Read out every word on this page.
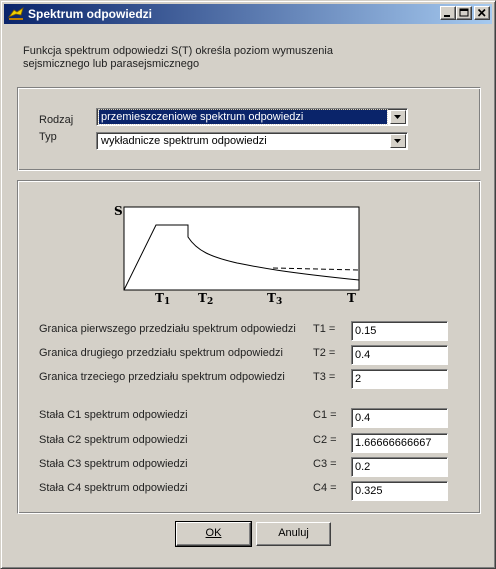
Spektrum odpowiedzi
Funkcja spektrum odpowiedzi S(T) określa poziom wymuszenia
sejsmicznego lub parasejsmicznego
Rodzaj	przemieszczeniowe spektrum odpowiedzi
Typ	wykładnicze spektrum odpowiedzi
S
T1 T2	T3	T
Granica pierwszego przedziału spektrum odpowiedzi T1 = 0.15
Granica drugiego przedziału spektrum odpowiedzi	T2 = 0.4
Granica trzeciego przedziału spektrum odpowiedzi	T3 = 2
Stała C1 spektrum odpowiedzi	C1 = 0.4
Stała C2 spektrum odpowiedzi	C2 = 1.66666666667
Stała C3 spektrum odpowiedzi	C3 = 0.2
Stała C4 spektrum odpowiedzi	C4 = 0.325
OK	Anuluj
